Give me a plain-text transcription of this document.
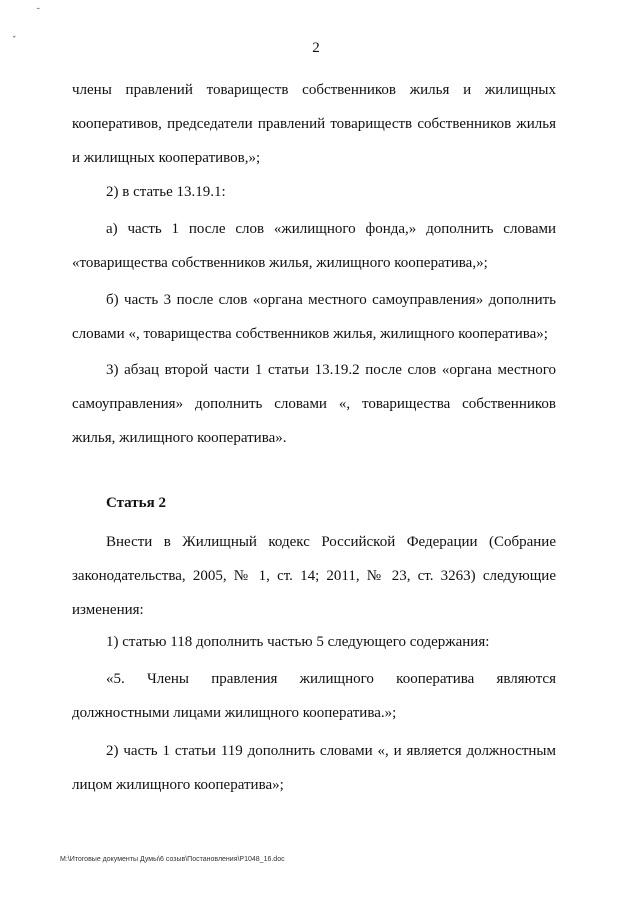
˘
ˇ	2
члены правлений товариществ собственников жилья и жилищных
кооперативов, председатели правлений товариществ собственников жилья
и жилищных кооперативов,»;
2) в статье 13.19.1:
а) часть 1 после слов «жилищного фонда,» дополнить словами
«товарищества собственников жилья, жилищного кооператива,»;
б) часть 3 после слов «органа местного самоуправления» дополнить
словами «, товарищества собственников жилья, жилищного кооператива»;
3) абзац второй части 1 статьи 13.19.2 после слов «органа местного
самоуправления» дополнить словами «, товарищества собственников
жилья, жилищного кооператива».
Статья 2
Внести в Жилищный кодекс Российской Федерации (Собрание
законодательства, 2005, № 1, ст. 14; 2011, № 23, ст. 3263) следующие
изменения:
1) статью 118 дополнить частью 5 следующего содержания:
«5. Члены правления жилищного кооператива являются
должностными лицами жилищного кооператива.»;
2) часть 1 статьи 119 дополнить словами «, и является должностным
лицом жилищного кооператива»;
M:\Итоговые документы Думы\6 созыв\Постановления\P1048_16.doc
